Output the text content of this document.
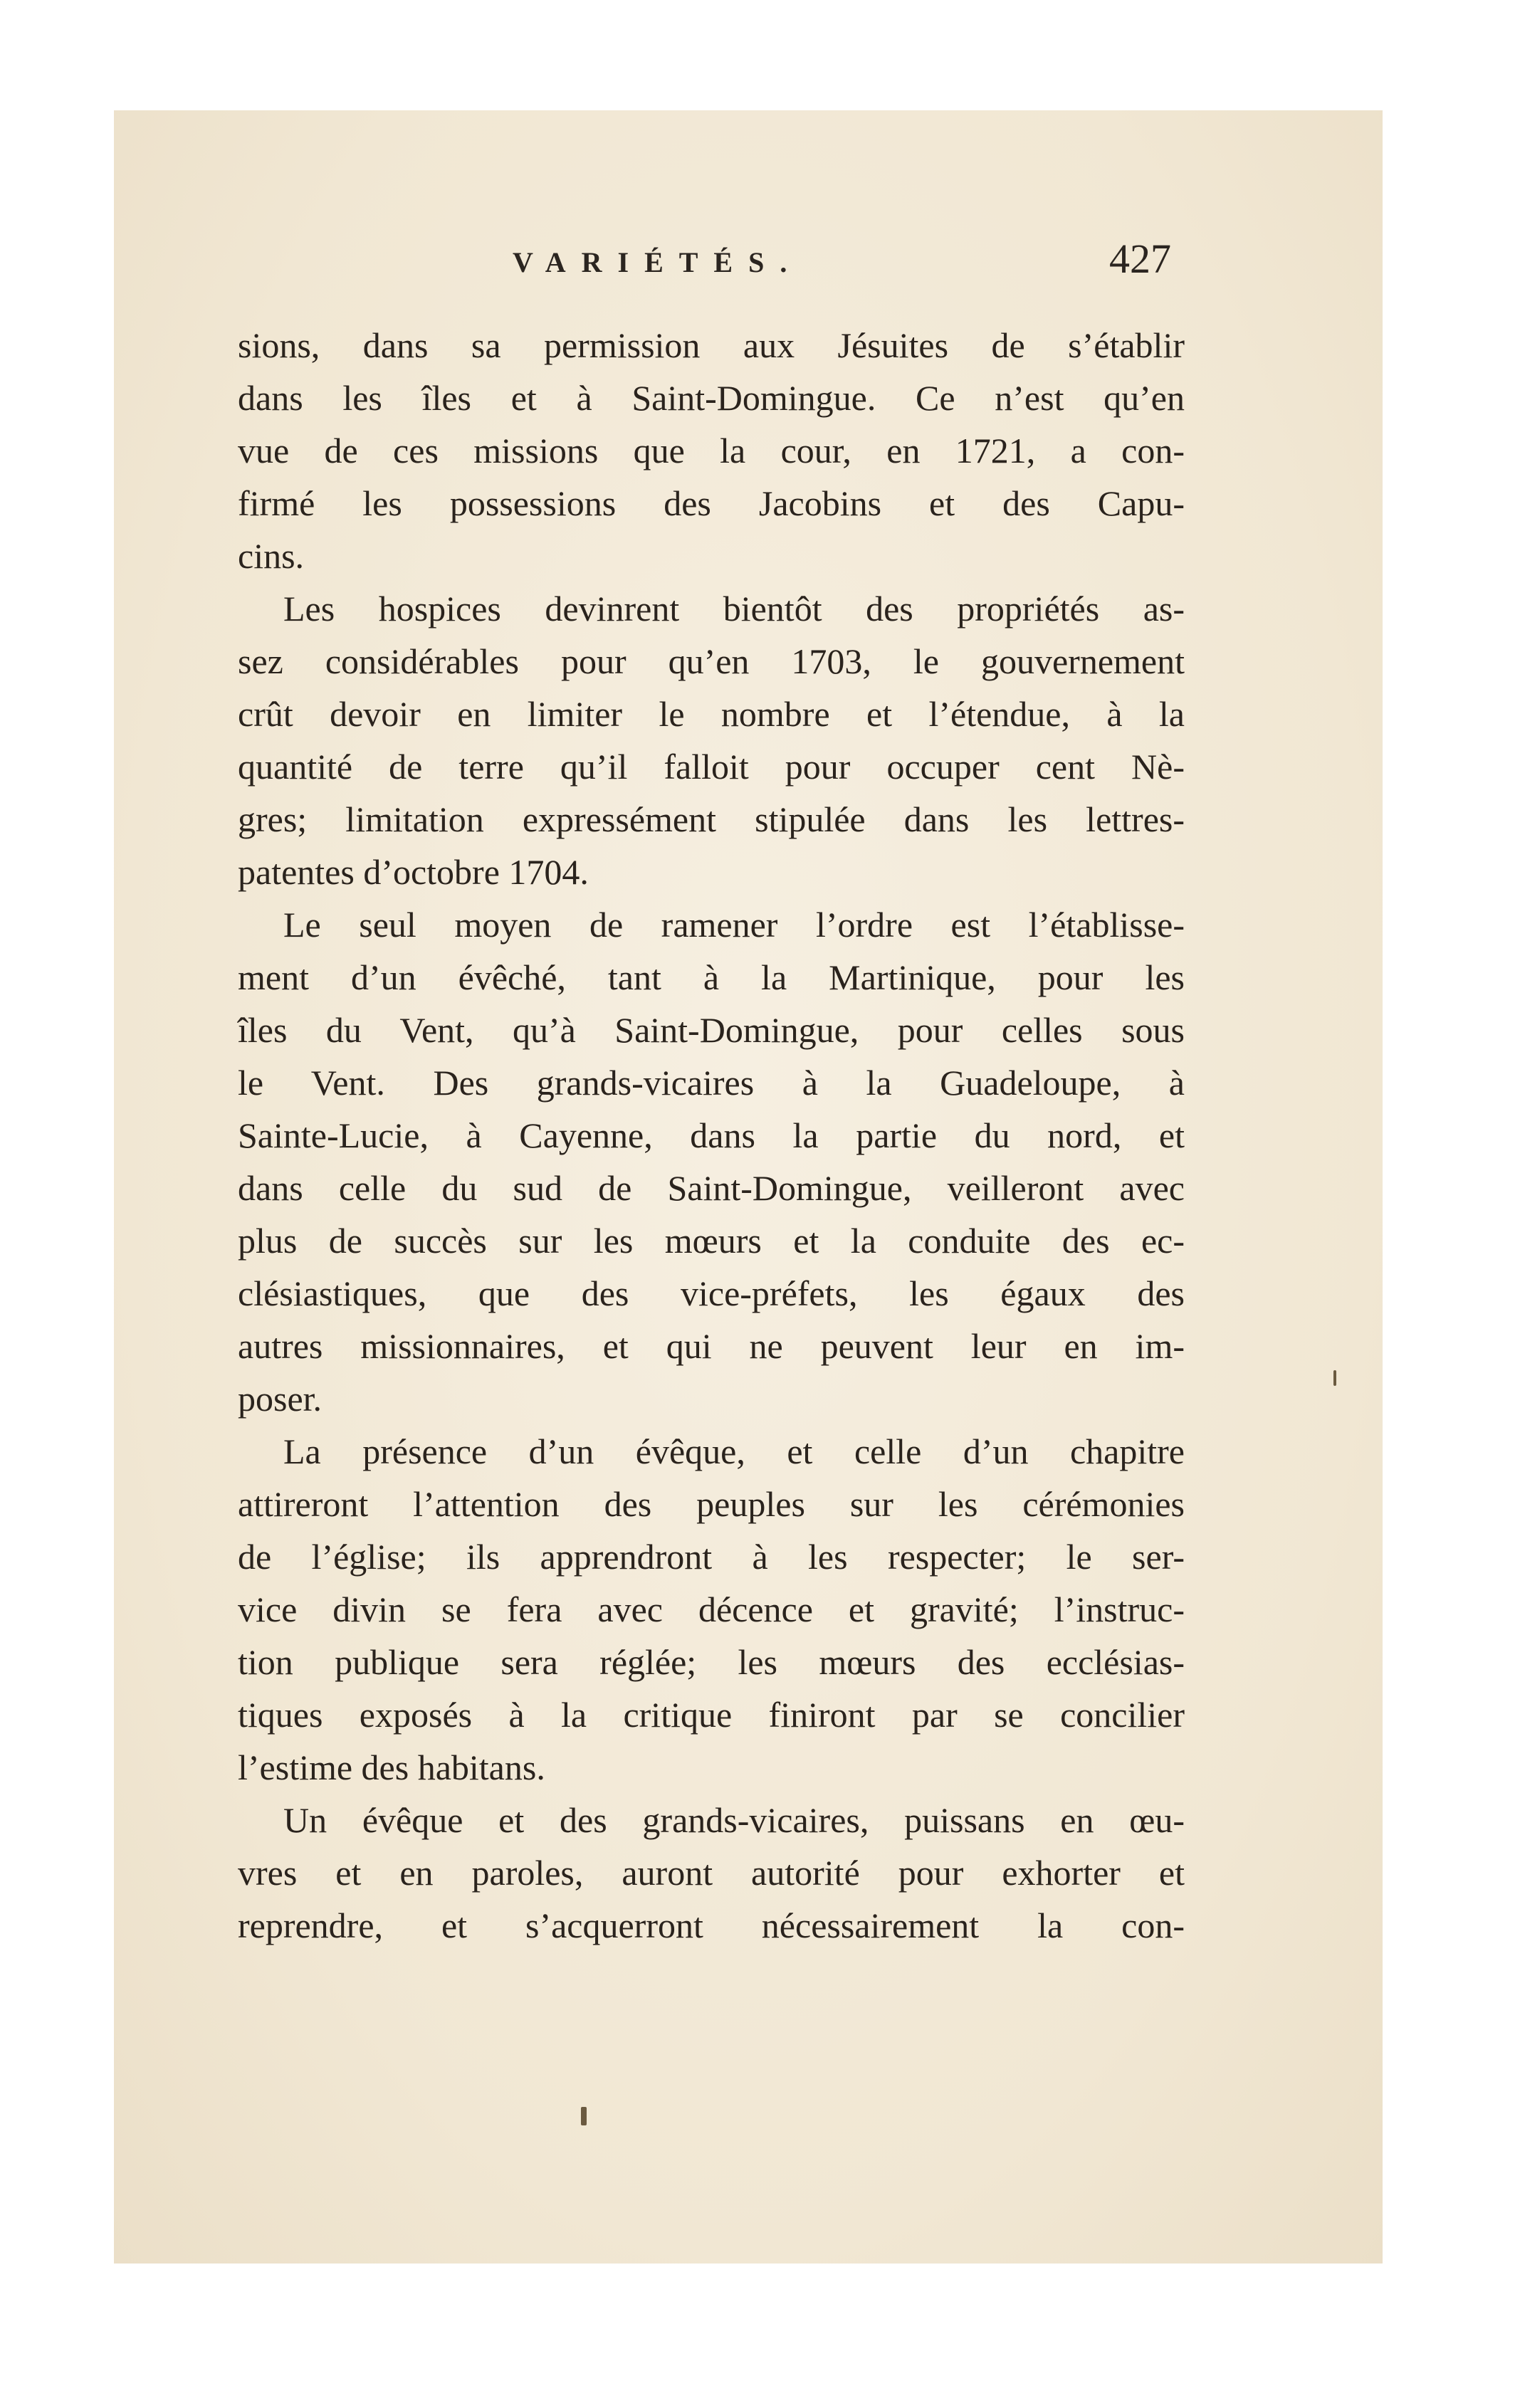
VARIÉTÉS.	427
sions, dans sa permission aux Jésuites de s’établir
dans les îles et à Saint-Domingue. Ce n’est qu’en
vue de ces missions que la cour, en 1721, a con-
firmé les possessions des Jacobins et des Capu-
cins.
Les hospices devinrent bientôt des propriétés as-
sez considérables pour qu’en 1703, le gouvernement
crût devoir en limiter le nombre et l’étendue, à la
quantité de terre qu’il falloit pour occuper cent Nè-
gres; limitation expressément stipulée dans les lettres-
patentes d’octobre 1704.
Le seul moyen de ramener l’ordre est l’établisse-
ment d’un évêché, tant à la Martinique, pour les
îles du Vent, qu’à Saint-Domingue, pour celles sous
le Vent. Des grands-vicaires à la Guadeloupe, à
Sainte-Lucie, à Cayenne, dans la partie du nord, et
dans celle du sud de Saint-Domingue, veilleront avec
plus de succès sur les mœurs et la conduite des ec-
clésiastiques, que des vice-préfets, les égaux des
autres missionnaires, et qui ne peuvent leur en im-
poser.
La présence d’un évêque, et celle d’un chapitre
attireront l’attention des peuples sur les cérémonies
de l’église; ils apprendront à les respecter; le ser-
vice divin se fera avec décence et gravité; l’instruc-
tion publique sera réglée; les mœurs des ecclésias-
tiques exposés à la critique finiront par se concilier
l’estime des habitans.
Un évêque et des grands-vicaires, puissans en œu-
vres et en paroles, auront autorité pour exhorter et
reprendre, et s’acquerront nécessairement la con-
